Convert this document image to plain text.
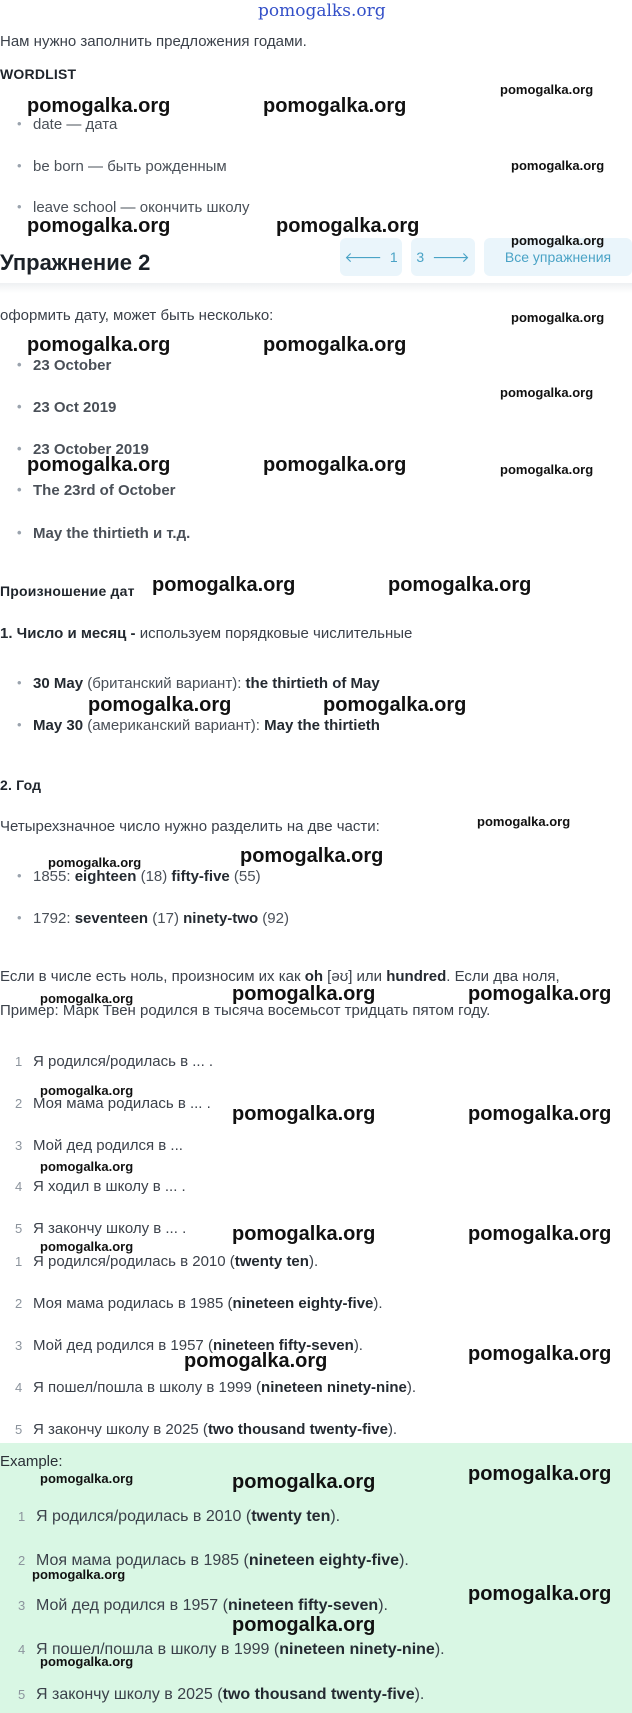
pomogalks.org
Нам нужно заполнить предложения годами.
WORDLIST
• date — дата
• be born — быть рожденным
• leave school — окончить школу
Упражнение 2	🡐 1 3 🡒	Все упражнения
оформить дату, может быть несколько:
• 23 October
• 23 Oct 2019
• 23 October 2019
• The 23rd of October
• May the thirtieth и т.д.
Произношение дат
1. Число и месяц - используем порядковые числительные
• 30 May (британский вариант): the thirtieth of May
• May 30 (американский вариант): May the thirtieth
2. Год
Четырехзначное число нужно разделить на две части:
• 1855: eighteen (18) fifty-five (55)
• 1792: seventeen (17) ninety-two (92)
Если в числе есть ноль, произносим их как oh [əʊ] или hundred. Если два ноля,
Пример: Марк Твен родился в тысяча восемьсот тридцать пятом году.
1 Я родился/родилась в ... .
2 Моя мама родилась в ... .
3 Мой дед родился в ...
4 Я ходил в школу в ... .
5 Я закончу школу в ... .
1 Я родился/родилась в 2010 (twenty ten).
2 Моя мама родилась в 1985 (nineteen eighty-five).
3 Мой дед родился в 1957 (nineteen fifty-seven).
4 Я пошел/пошла в школу в 1999 (nineteen ninety-nine).
5 Я закончу школу в 2025 (two thousand twenty-five).
Example:
1 Я родился/родилась в 2010 (twenty ten).
2 Моя мама родилась в 1985 (nineteen eighty-five).
3 Мой дед родился в 1957 (nineteen fifty-seven).
4 Я пошел/пошла в школу в 1999 (nineteen ninety-nine).
5 Я закончу школу в 2025 (two thousand twenty-five).
pomogalka.org	pomogalka.org
pomogalka.org
pomogalka.org
pomogalka.org	pomogalka.org
pomogalka.org
pomogalka.org
pomogalka.org	pomogalka.org
pomogalka.org
pomogalka.org	pomogalka.org	pomogalka.org
pomogalka.org	pomogalka.org
pomogalka.org	pomogalka.org
pomogalka.org
pomogalka.org	pomogalka.org
pomogalka.org	pomogalka.org	pomogalka.org
pomogalka.org
pomogalka.org	pomogalka.org
pomogalka.org
pomogalka.org
pomogalka.org	pomogalka.org
pomogalka.org	pomogalka.org
pomogalka.org	pomogalka.org	pomogalka.org
pomogalka.org
pomogalka.org
pomogalka.org
pomogalka.org
